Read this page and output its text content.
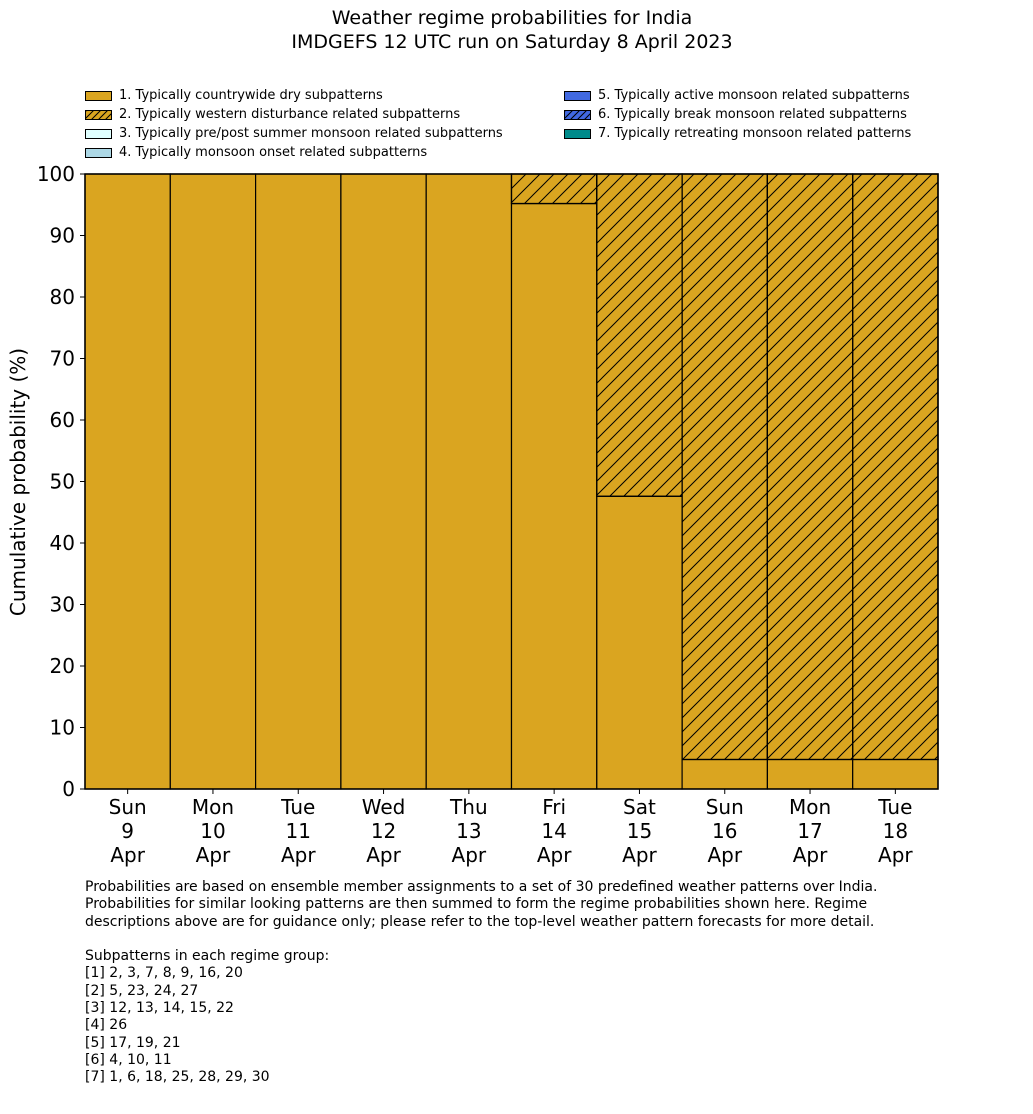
Weather regime probabilities for India
IMDGEFS 12 UTC run on Saturday 8 April 2023
1. Typically countrywide dry subpatterns
2. Typically western disturbance related subpatterns
3. Typically pre/post summer monsoon related subpatterns
4. Typically monsoon onset related subpatterns
5. Typically active monsoon related subpatterns
6. Typically break monsoon related subpatterns
7. Typically retreating monsoon related patterns
0
10
20
30
40
50
60
70
80
90
100
Sun 9 Apr
Mon 10 Apr
Tue 11 Apr
Wed 12 Apr
Thu 13 Apr
Fri 14 Apr
Sat 15 Apr
Sun 16 Apr
Mon 17 Apr
Tue 18 Apr
Cumulative probability (%)

Probabilities are based on ensemble member assignments to a set of 30 predefined weather patterns over India.

Probabilities for similar looking patterns are then summed to form the regime probabilities shown here. Regime

descriptions above are for guidance only; please refer to the top-level weather pattern forecasts for more detail.

Subpatterns in each regime group:

[1] 2, 3, 7, 8, 9, 16, 20

[2] 5, 23, 24, 27

[3] 12, 13, 14, 15, 22

[4] 26

[5] 17, 19, 21

[6] 4, 10, 11

[7] 1, 6, 18, 25, 28, 29, 30
